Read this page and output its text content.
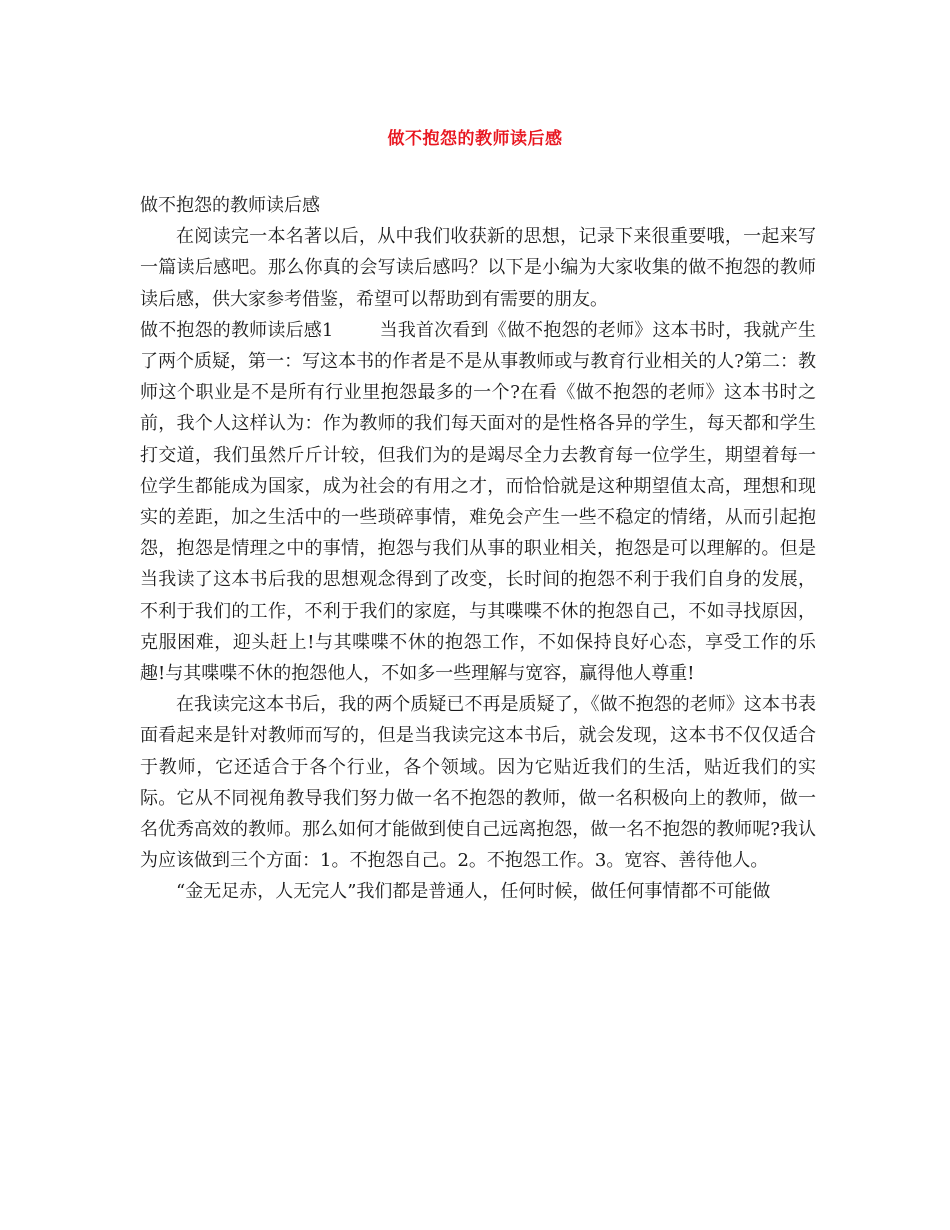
做不抱怨的教师读后感

做不抱怨的教师读后感

在阅读完一本名著以后，从中我们收获新的思想，记录下来很重要哦，一起来写一篇读后感吧。那么你真的会写读后感吗？以下是小编为大家收集的做不抱怨的教师读后感，供大家参考借鉴，希望可以帮助到有需要的朋友。

做不抱怨的教师读后感1	当我首次看到《做不抱怨的老师》这本书时，我就产生了两个质疑，第一：写这本书的作者是不是从事教师或与教育行业相关的人?第二：教师这个职业是不是所有行业里抱怨最多的一个?在看《做不抱怨的老师》这本书时之前，我个人这样认为：作为教师的我们每天面对的是性格各异的学生，每天都和学生打交道，我们虽然斤斤计较，但我们为的是竭尽全力去教育每一位学生，期望着每一位学生都能成为国家，成为社会的有用之才，而恰恰就是这种期望值太高，理想和现实的差距，加之生活中的一些琐碎事情，难免会产生一些不稳定的情绪，从而引起抱怨，抱怨是情理之中的事情，抱怨与我们从事的职业相关，抱怨是可以理解的。但是当我读了这本书后我的思想观念得到了改变，长时间的抱怨不利于我们自身的发展，不利于我们的工作，不利于我们的家庭，与其喋喋不休的抱怨自己，不如寻找原因，克服困难，迎头赶上!与其喋喋不休的抱怨工作，不如保持良好心态，享受工作的乐趣!与其喋喋不休的抱怨他人，不如多一些理解与宽容，赢得他人尊重!

在我读完这本书后，我的两个质疑已不再是质疑了，《做不抱怨的老师》这本书表面看起来是针对教师而写的，但是当我读完这本书后，就会发现，这本书不仅仅适合于教师，它还适合于各个行业，各个领域。因为它贴近我们的生活，贴近我们的实际。它从不同视角教导我们努力做一名不抱怨的教师，做一名积极向上的教师，做一名优秀高效的教师。那么如何才能做到使自己远离抱怨，做一名不抱怨的教师呢?我认为应该做到三个方面：1。不抱怨自己。2。不抱怨工作。3。宽容、善待他人。

“金无足赤，人无完人”我们都是普通人，任何时候，做任何事情都不可能做
